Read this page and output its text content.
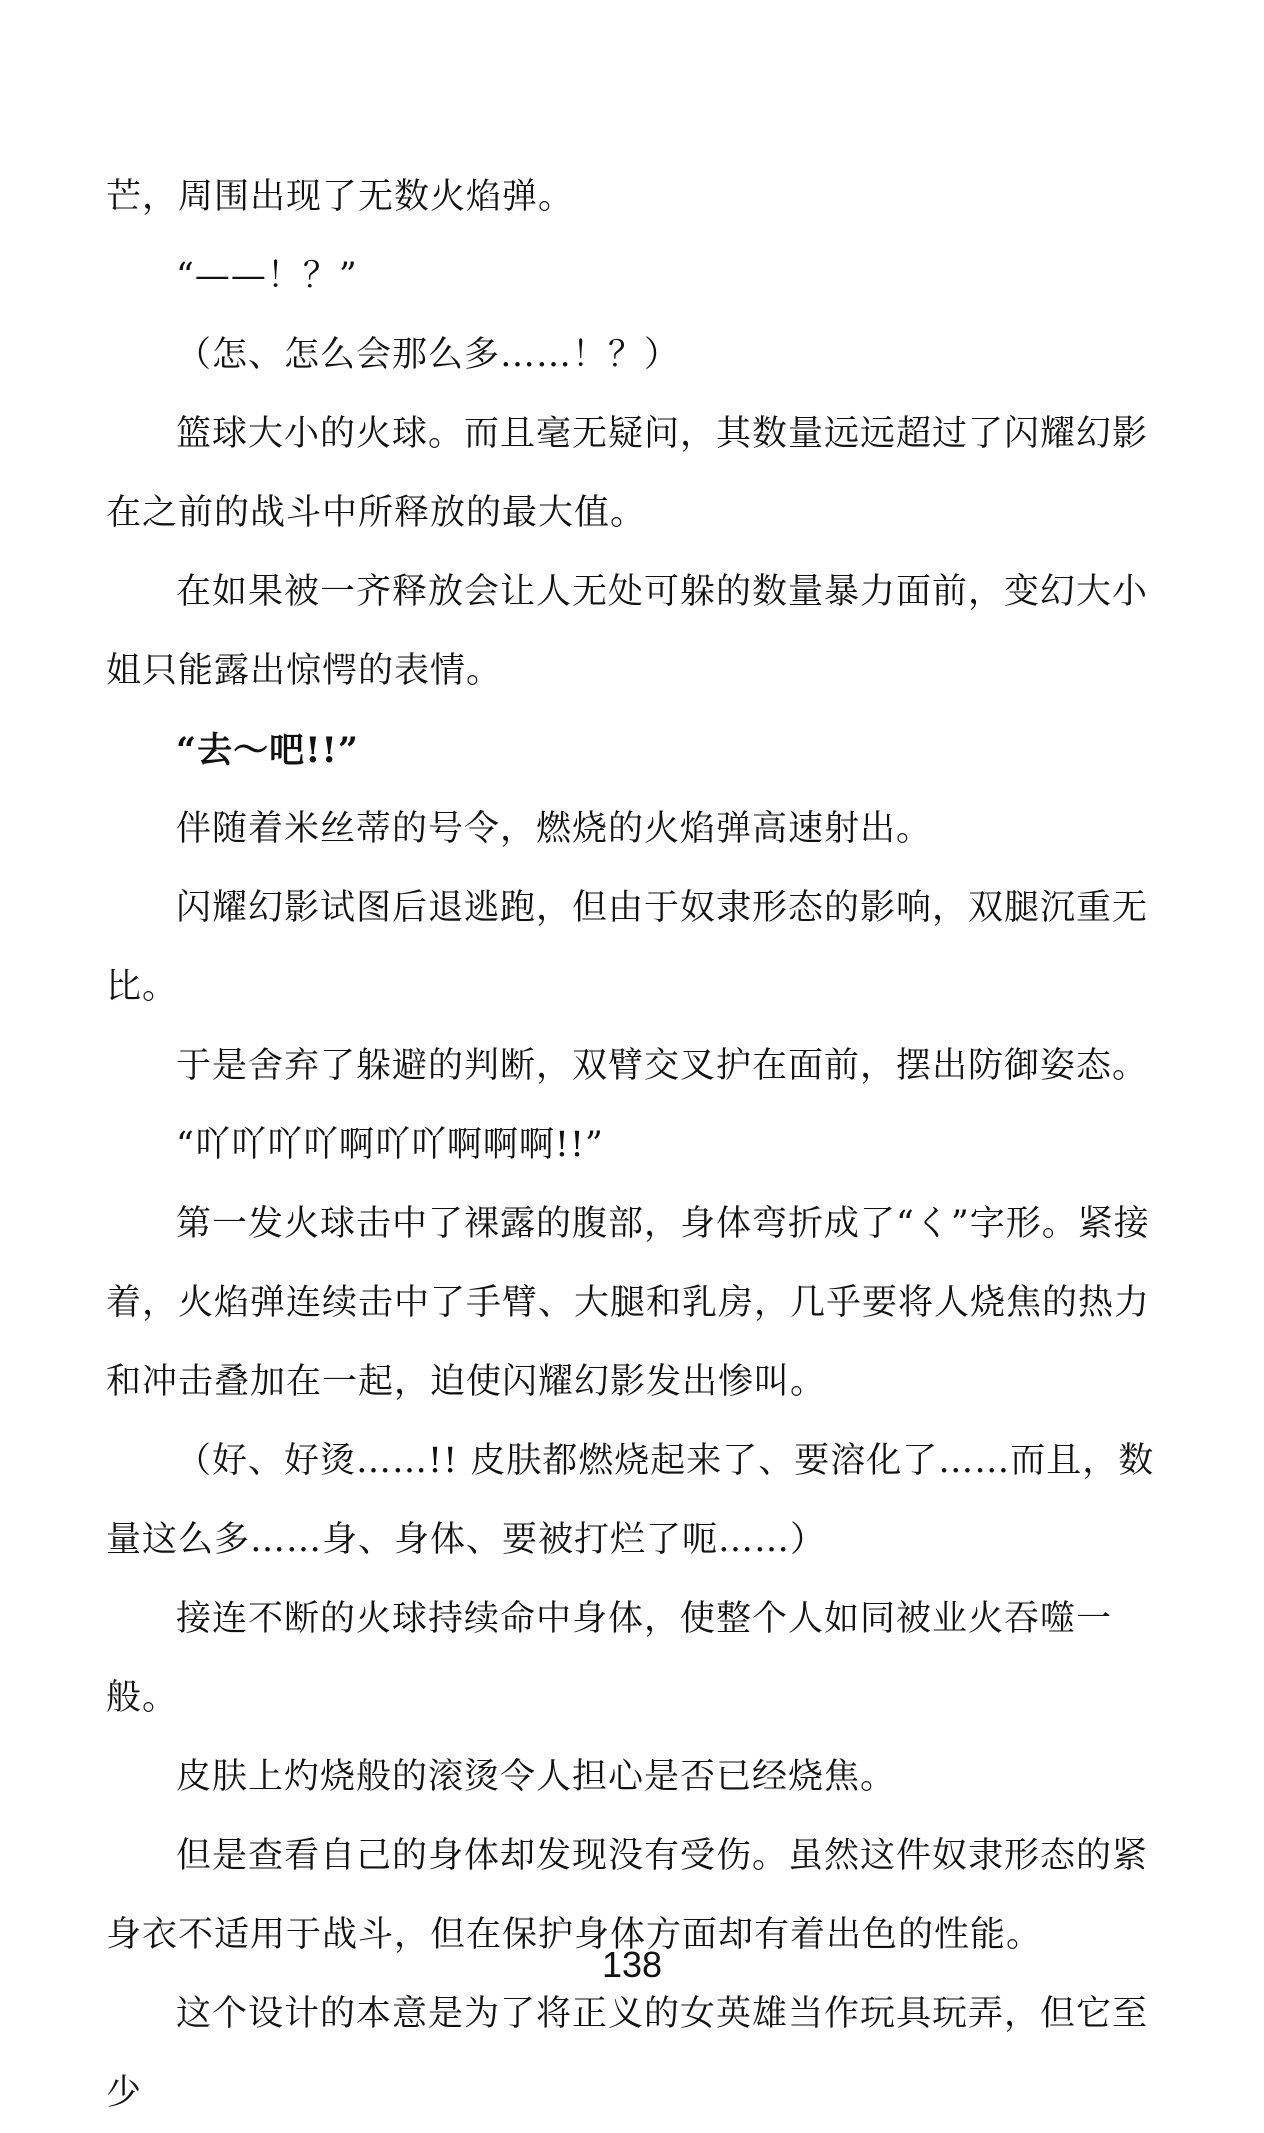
芒，周围出现了无数火焰弹。

“——！？”

（怎、怎么会那么多……！？）

篮球大小的火球。而且毫无疑问，其数量远远超过了闪耀幻影在之前的战斗中所释放的最大值。

在如果被一齐释放会让人无处可躲的数量暴力面前，变幻大小姐只能露出惊愕的表情。

“去～吧!!”

伴随着米丝蒂的号令，燃烧的火焰弹高速射出。

闪耀幻影试图后退逃跑，但由于奴隶形态的影响，双腿沉重无比。

于是舍弃了躲避的判断，双臂交叉护在面前，摆出防御姿态。

“吖吖吖吖啊吖吖啊啊啊!!”

第一发火球击中了裸露的腹部，身体弯折成了“く”字形。紧接着，火焰弹连续击中了手臂、大腿和乳房，几乎要将人烧焦的热力和冲击叠加在一起，迫使闪耀幻影发出惨叫。

（好、好烫……!! 皮肤都燃烧起来了、要溶化了……而且，数量这么多……身、身体、要被打烂了呃……）

接连不断的火球持续命中身体，使整个人如同被业火吞噬一般。

皮肤上灼烧般的滚烫令人担心是否已经烧焦。

但是查看自己的身体却发现没有受伤。虽然这件奴隶形态的紧身衣不适用于战斗，但在保护身体方面却有着出色的性能。

这个设计的本意是为了将正义的女英雄当作玩具玩弄，但它至少

138
